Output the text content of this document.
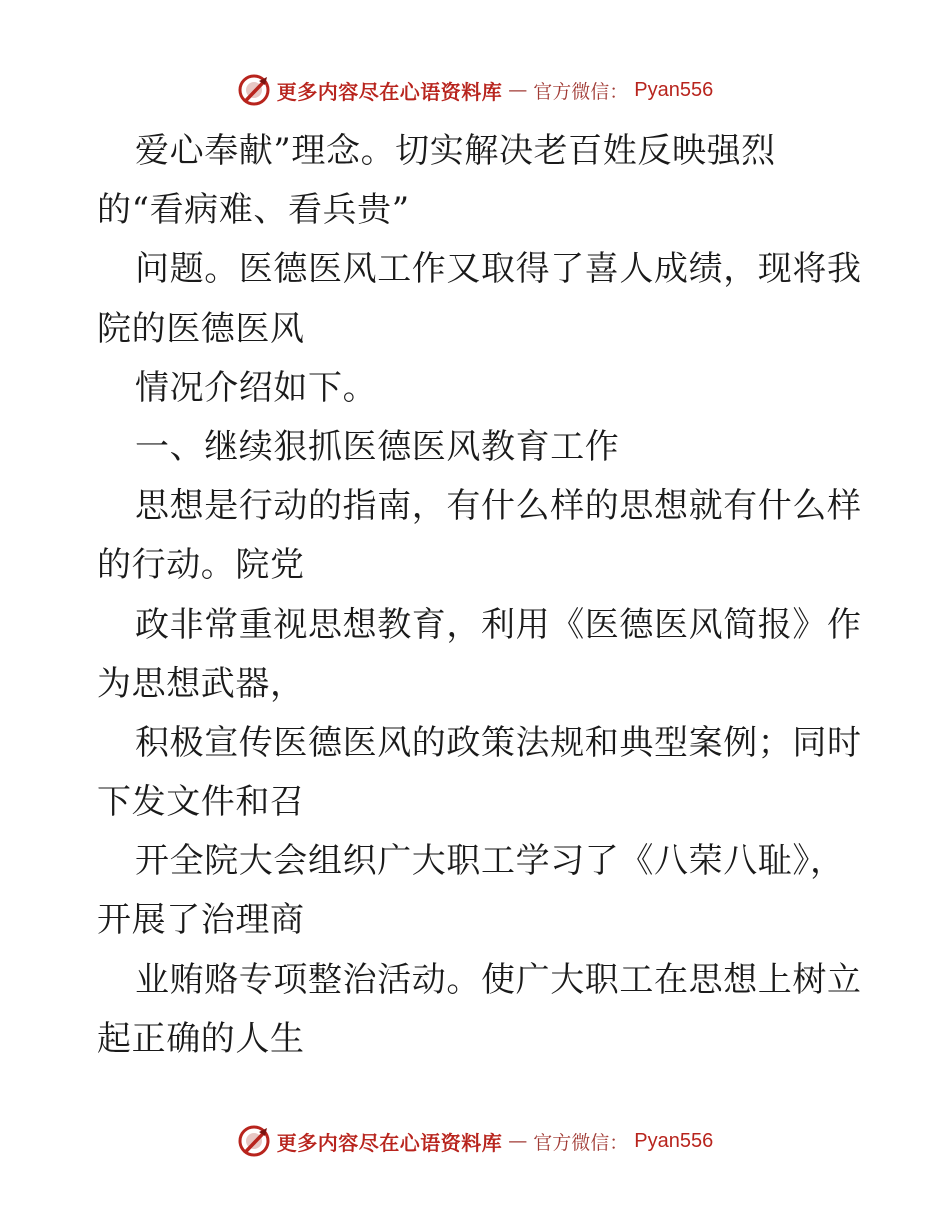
更多内容尽在心语资料库 — 官方微信： Pyan556
爱心奉献”理念。切实解决老百姓反映强烈
的“看病难、看兵贵”
问题。医德医风工作又取得了喜人成绩，现将我
院的医德医风
情况介绍如下。
一、继续狠抓医德医风教育工作
思想是行动的指南，有什么样的思想就有什么样
的行动。院党
政非常重视思想教育，利用《医德医风简报》作
为思想武器，
积极宣传医德医风的政策法规和典型案例；同时
下发文件和召
开全院大会组织广大职工学习了《八荣八耻》，
开展了治理商
业贿赂专项整治活动。使广大职工在思想上树立
起正确的人生
更多内容尽在心语资料库 — 官方微信： Pyan556
